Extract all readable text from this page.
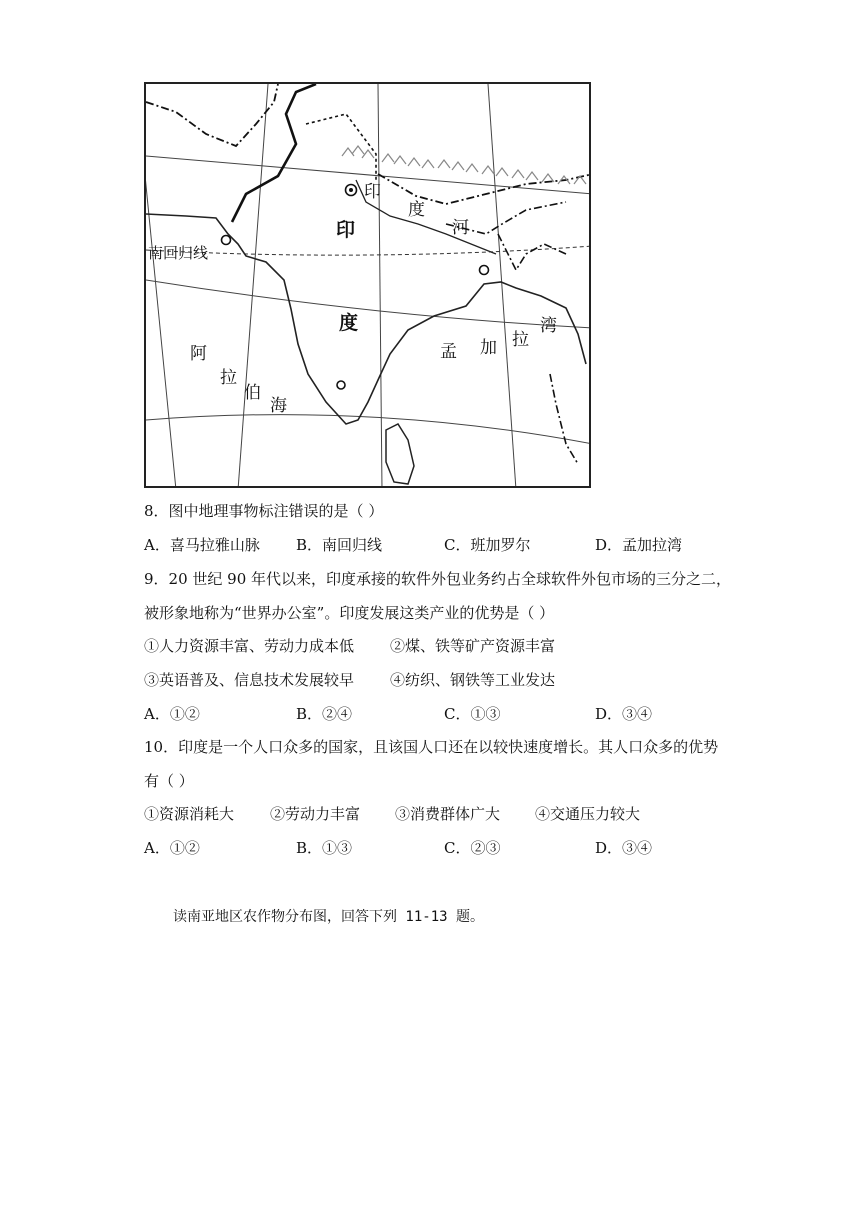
印
度
南回归线
印
度
河
阿
拉
伯
海
孟 加 拉
湾
8．图中地理事物标注错误的是（ ）
A．喜马拉雅山脉 B．南回归线	C．班加罗尔	D．孟加拉湾
9．20 世纪 90 年代以来，印度承接的软件外包业务约占全球软件外包市场的三分之二，
被形象地称为“世界办公室”。印度发展这类产业的优势是（ ）
①人力资源丰富、劳动力成本低 ②煤、铁等矿产资源丰富
③英语普及、信息技术发展较早 ④纺织、钢铁等工业发达
A．①②	B．②④	C．①③	D．③④
10．印度是一个人口众多的国家，且该国人口还在以较快速度增长。其人口众多的优势
有（ ）
①资源消耗大 ②劳动力丰富 ③消费群体广大 ④交通压力较大
A．①②	B．①③	C．②③	D．③④
读南亚地区农作物分布图，回答下列 11-13 题。
